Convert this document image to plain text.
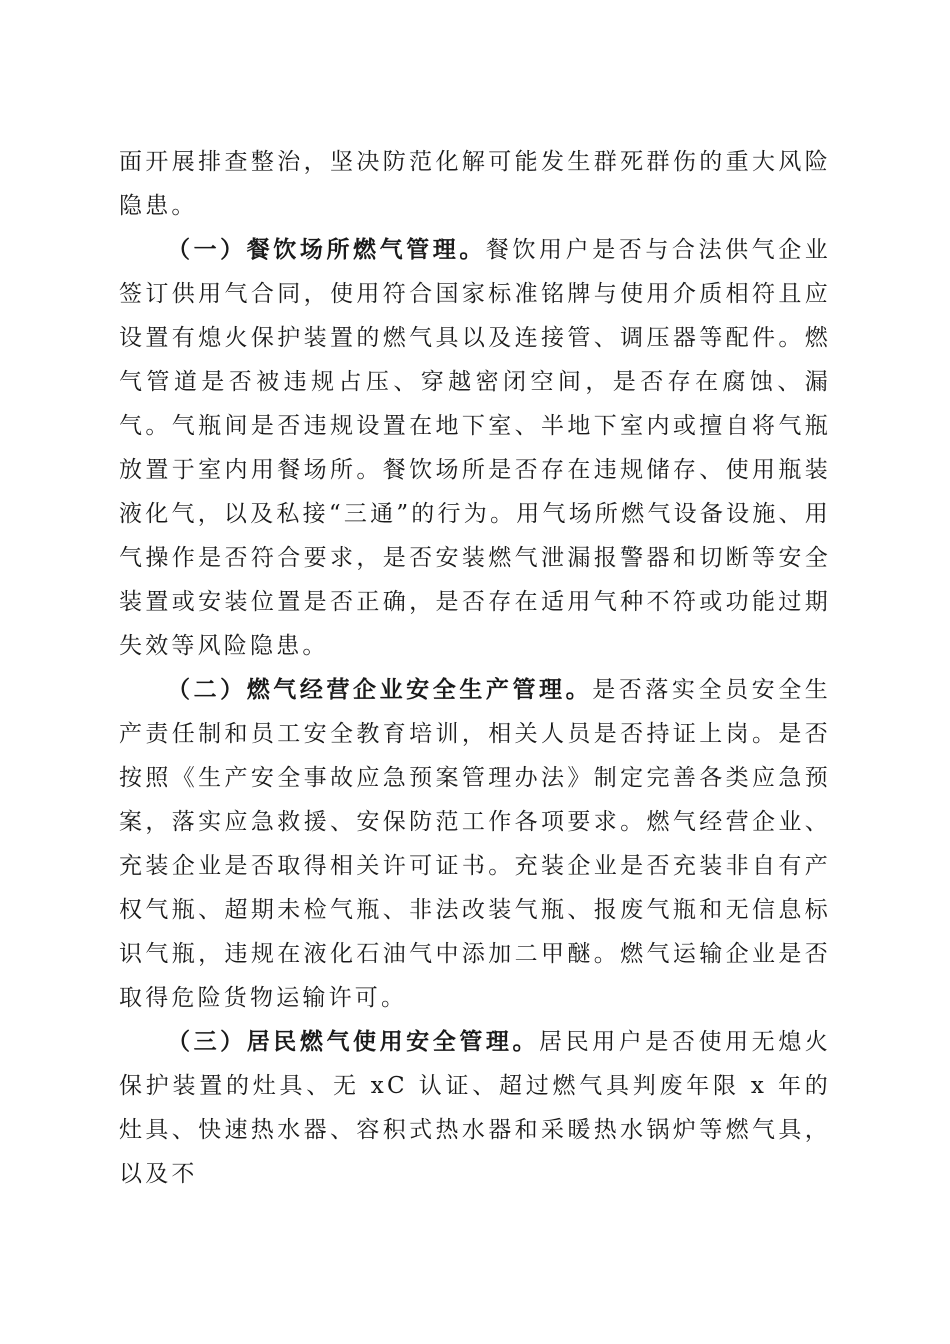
面开展排查整治，坚决防范化解可能发生群死群伤的重大风险隐患。

（一）餐饮场所燃气管理。餐饮用户是否与合法供气企业签订供用气合同，使用符合国家标准铭牌与使用介质相符且应设置有熄火保护装置的燃气具以及连接管、调压器等配件。燃气管道是否被违规占压、穿越密闭空间，是否存在腐蚀、漏气。气瓶间是否违规设置在地下室、半地下室内或擅自将气瓶放置于室内用餐场所。餐饮场所是否存在违规储存、使用瓶装液化气，以及私接“三通”的行为。用气场所燃气设备设施、用气操作是否符合要求，是否安装燃气泄漏报警器和切断等安全装置或安装位置是否正确，是否存在适用气种不符或功能过期失效等风险隐患。

（二）燃气经营企业安全生产管理。是否落实全员安全生产责任制和员工安全教育培训，相关人员是否持证上岗。是否按照《生产安全事故应急预案管理办法》制定完善各类应急预案，落实应急救援、安保防范工作各项要求。燃气经营企业、充装企业是否取得相关许可证书。充装企业是否充装非自有产权气瓶、超期未检气瓶、非法改装气瓶、报废气瓶和无信息标识气瓶，违规在液化石油气中添加二甲醚。燃气运输企业是否取得危险货物运输许可。

（三）居民燃气使用安全管理。居民用户是否使用无熄火保护装置的灶具、无 xC 认证、超过燃气具判废年限 x 年的灶具、快速热水器、容积式热水器和采暖热水锅炉等燃气具，以及不
